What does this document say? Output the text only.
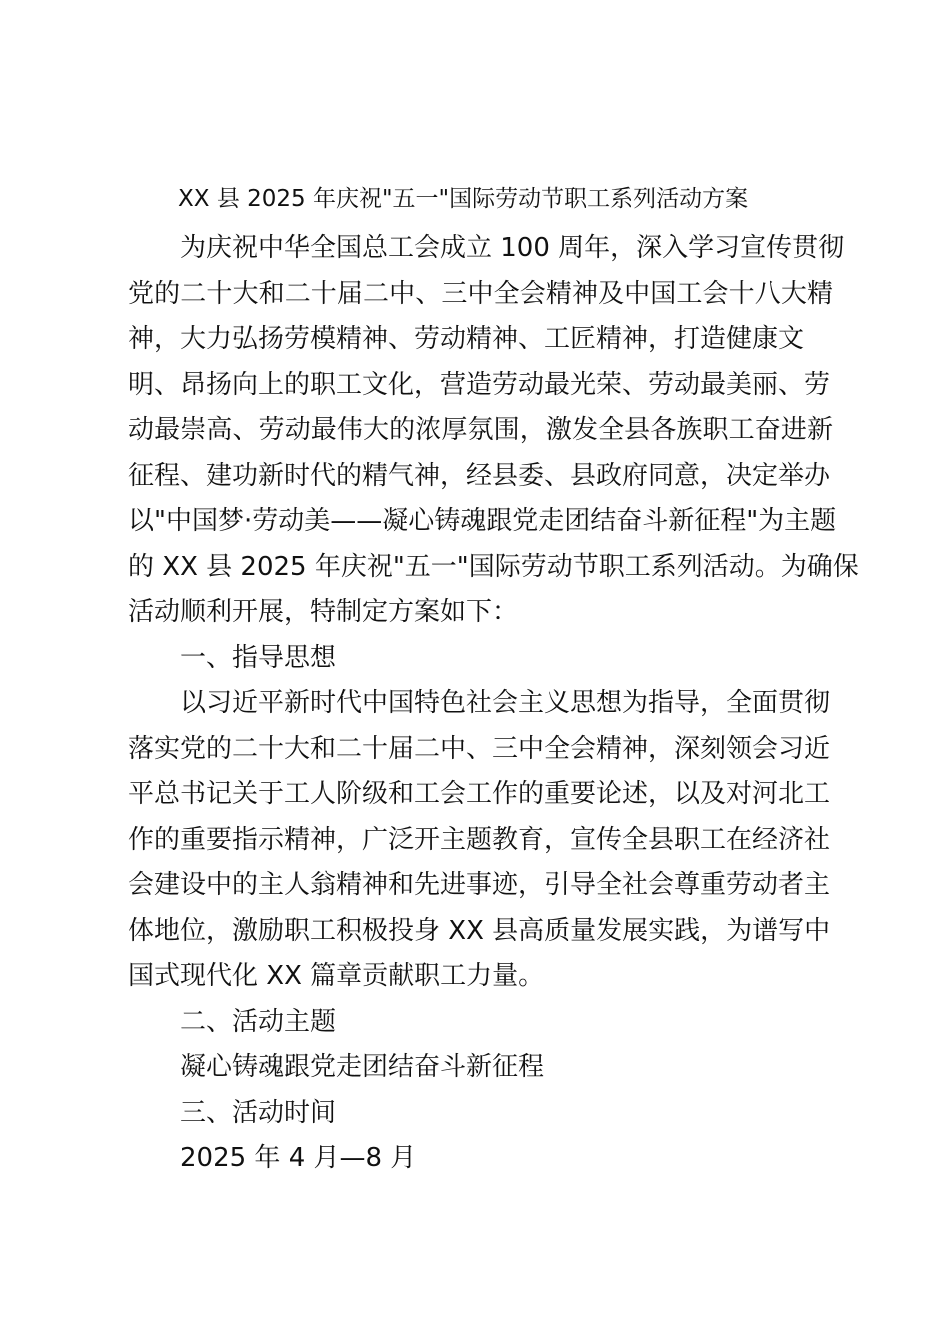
XX 县 2025 年庆祝"五一"国际劳动节职工系列活动方案
为庆祝中华全国总工会成立 100 周年，深入学习宣传贯彻
党的二十大和二十届二中、三中全会精神及中国工会十八大精
神，大力弘扬劳模精神、劳动精神、工匠精神，打造健康文
明、昂扬向上的职工文化，营造劳动最光荣、劳动最美丽、劳
动最崇高、劳动最伟大的浓厚氛围，激发全县各族职工奋进新
征程、建功新时代的精气神，经县委、县政府同意，决定举办
以"中国梦·劳动美——凝心铸魂跟党走团结奋斗新征程"为主题
的 XX 县 2025 年庆祝"五一"国际劳动节职工系列活动。为确保
活动顺利开展，特制定方案如下：
一、指导思想
以习近平新时代中国特色社会主义思想为指导，全面贯彻
落实党的二十大和二十届二中、三中全会精神，深刻领会习近
平总书记关于工人阶级和工会工作的重要论述，以及对河北工
作的重要指示精神，广泛开主题教育，宣传全县职工在经济社
会建设中的主人翁精神和先进事迹，引导全社会尊重劳动者主
体地位，激励职工积极投身 XX 县高质量发展实践，为谱写中
国式现代化 XX 篇章贡献职工力量。
二、活动主题
凝心铸魂跟党走团结奋斗新征程
三、活动时间
2025 年 4 月—8 月
